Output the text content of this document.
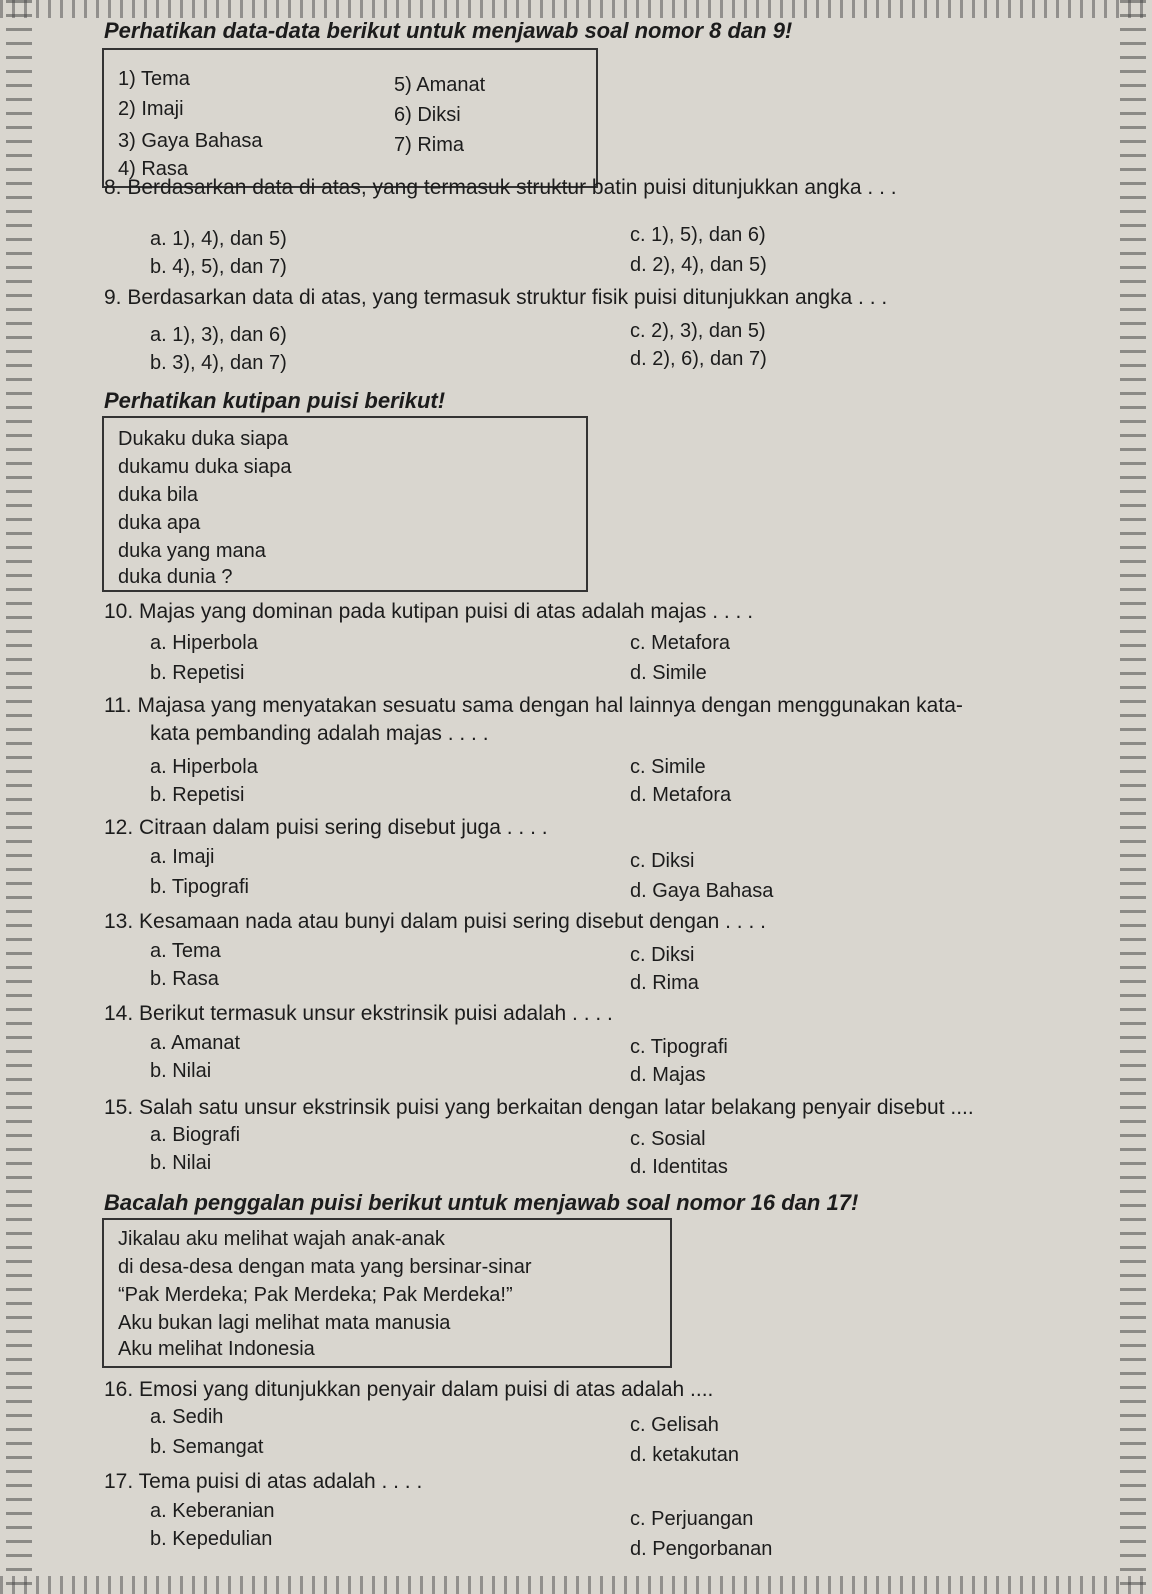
Perhatikan data-data berikut untuk menjawab soal nomor 8 dan 9!
1) Tema
2) Imaji
3) Gaya Bahasa
4) Rasa
5) Amanat
6) Diksi
7) Rima
8. Berdasarkan data di atas, yang termasuk struktur batin puisi ditunjukkan angka . . .
a. 1), 4), dan 5)
b. 4), 5), dan 7)
c. 1), 5), dan 6)
d. 2), 4), dan 5)
9. Berdasarkan data di atas, yang termasuk struktur fisik puisi ditunjukkan angka . . .
a. 1), 3), dan 6)
b. 3), 4), dan 7)
c. 2), 3), dan 5)
d. 2), 6), dan 7)
Perhatikan kutipan puisi berikut!
Dukaku duka siapa
dukamu duka siapa
duka bila
duka apa
duka yang mana
duka dunia ?
10. Majas yang dominan pada kutipan puisi di atas adalah majas . . . .
a. Hiperbola
b. Repetisi
c. Metafora
d. Simile
11. Majasa yang menyatakan sesuatu sama dengan hal lainnya dengan menggunakan kata-
kata pembanding adalah majas . . . .
a. Hiperbola
b. Repetisi
c. Simile
d. Metafora
12. Citraan dalam puisi sering disebut juga . . . .
a. Imaji
b. Tipografi
c. Diksi
d. Gaya Bahasa
13. Kesamaan nada atau bunyi dalam puisi sering disebut dengan . . . .
a. Tema
b. Rasa
c. Diksi
d. Rima
14. Berikut termasuk unsur ekstrinsik puisi adalah . . . .
a. Amanat
b. Nilai
c. Tipografi
d. Majas
15. Salah satu unsur ekstrinsik puisi yang berkaitan dengan latar belakang penyair disebut ....
a. Biografi
b. Nilai
c. Sosial
d. Identitas
Bacalah penggalan puisi berikut untuk menjawab soal nomor 16 dan 17!
Jikalau aku melihat wajah anak-anak
di desa-desa dengan mata yang bersinar-sinar
“Pak Merdeka; Pak Merdeka; Pak Merdeka!”
Aku bukan lagi melihat mata manusia
Aku melihat Indonesia
16. Emosi yang ditunjukkan penyair dalam puisi di atas adalah ....
a. Sedih
b. Semangat
c. Gelisah
d. ketakutan
17. Tema puisi di atas adalah . . . .
a. Keberanian
b. Kepedulian
c. Perjuangan
d. Pengorbanan
